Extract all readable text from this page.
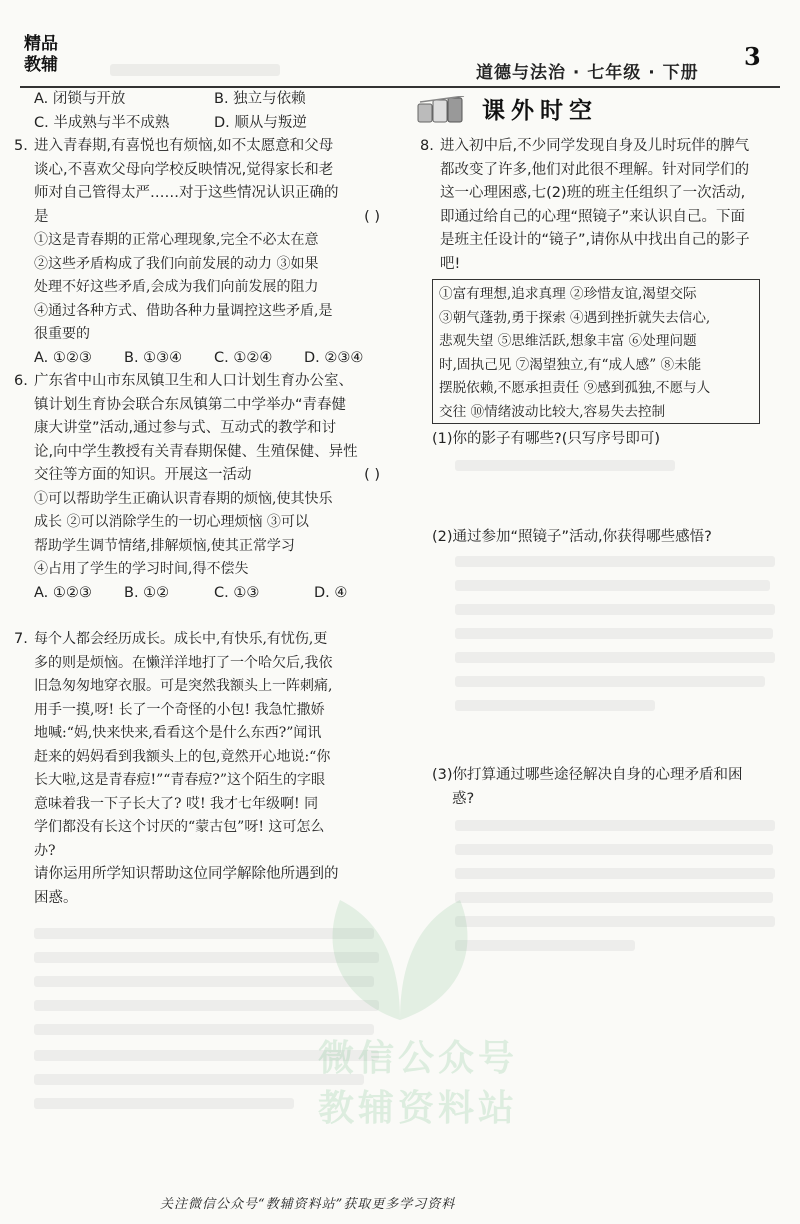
精品
教辅	道德与法治 · 七年级 · 下册
3
A. 闭锁与开放	B. 独立与依赖
C. 半成熟与半不成熟	D. 顺从与叛逆
5. 进入青春期,有喜悦也有烦恼,如不太愿意和父母
谈心,不喜欢父母向学校反映情况,觉得家长和老
师对自己管得太严……对于这些情况认识正确的
是	( )
①这是青春期的正常心理现象,完全不必太在意
②这些矛盾构成了我们向前发展的动力 ③如果
处理不好这些矛盾,会成为我们向前发展的阻力
④通过各种方式、借助各种力量调控这些矛盾,是
很重要的
A. ①②③	B. ①③④	C. ①②④	D. ②③④
6. 广东省中山市东凤镇卫生和人口计划生育办公室、
镇计划生育协会联合东凤镇第二中学举办“青春健
康大讲堂”活动,通过参与式、互动式的教学和讨
论,向中学生教授有关青春期保健、生殖保健、异性
交往等方面的知识。开展这一活动	( )
①可以帮助学生正确认识青春期的烦恼,使其快乐
成长 ②可以消除学生的一切心理烦恼 ③可以
帮助学生调节情绪,排解烦恼,使其正常学习
④占用了学生的学习时间,得不偿失
A. ①②③	B. ①②	C. ①③	D. ④
7. 每个人都会经历成长。成长中,有快乐,有忧伤,更
多的则是烦恼。在懒洋洋地打了一个哈欠后,我依
旧急匆匆地穿衣服。可是突然我额头上一阵刺痛,
用手一摸,呀! 长了一个奇怪的小包! 我急忙撒娇
地喊:“妈,快来快来,看看这个是什么东西?”闻讯
赶来的妈妈看到我额头上的包,竟然开心地说:“你
长大啦,这是青春痘!”“青春痘?”这个陌生的字眼
意味着我一下子长大了? 哎! 我才七年级啊! 同
学们都没有长这个讨厌的“蒙古包”呀! 这可怎么
办?
请你运用所学知识帮助这位同学解除他所遇到的
困惑。
课外时空
8. 进入初中后,不少同学发现自身及儿时玩伴的脾气
都改变了许多,他们对此很不理解。针对同学们的
这一心理困惑,七(2)班的班主任组织了一次活动,
即通过给自己的心理“照镜子”来认识自己。下面
是班主任设计的“镜子”,请你从中找出自己的影子
吧!
①富有理想,追求真理 ②珍惜友谊,渴望交际
③朝气蓬勃,勇于探索 ④遇到挫折就失去信心,
悲观失望 ⑤思维活跃,想象丰富 ⑥处理问题
时,固执己见 ⑦渴望独立,有“成人感” ⑧未能
摆脱依赖,不愿承担责任 ⑨感到孤独,不愿与人
交往 ⑩情绪波动比较大,容易失去控制
(1)你的影子有哪些?(只写序号即可)
(2)通过参加“照镜子”活动,你获得哪些感悟?
(3)你打算通过哪些途径解决自身的心理矛盾和困
惑?
微信公众号
教辅资料站
关注微信公众号“教辅资料站”获取更多学习资料
